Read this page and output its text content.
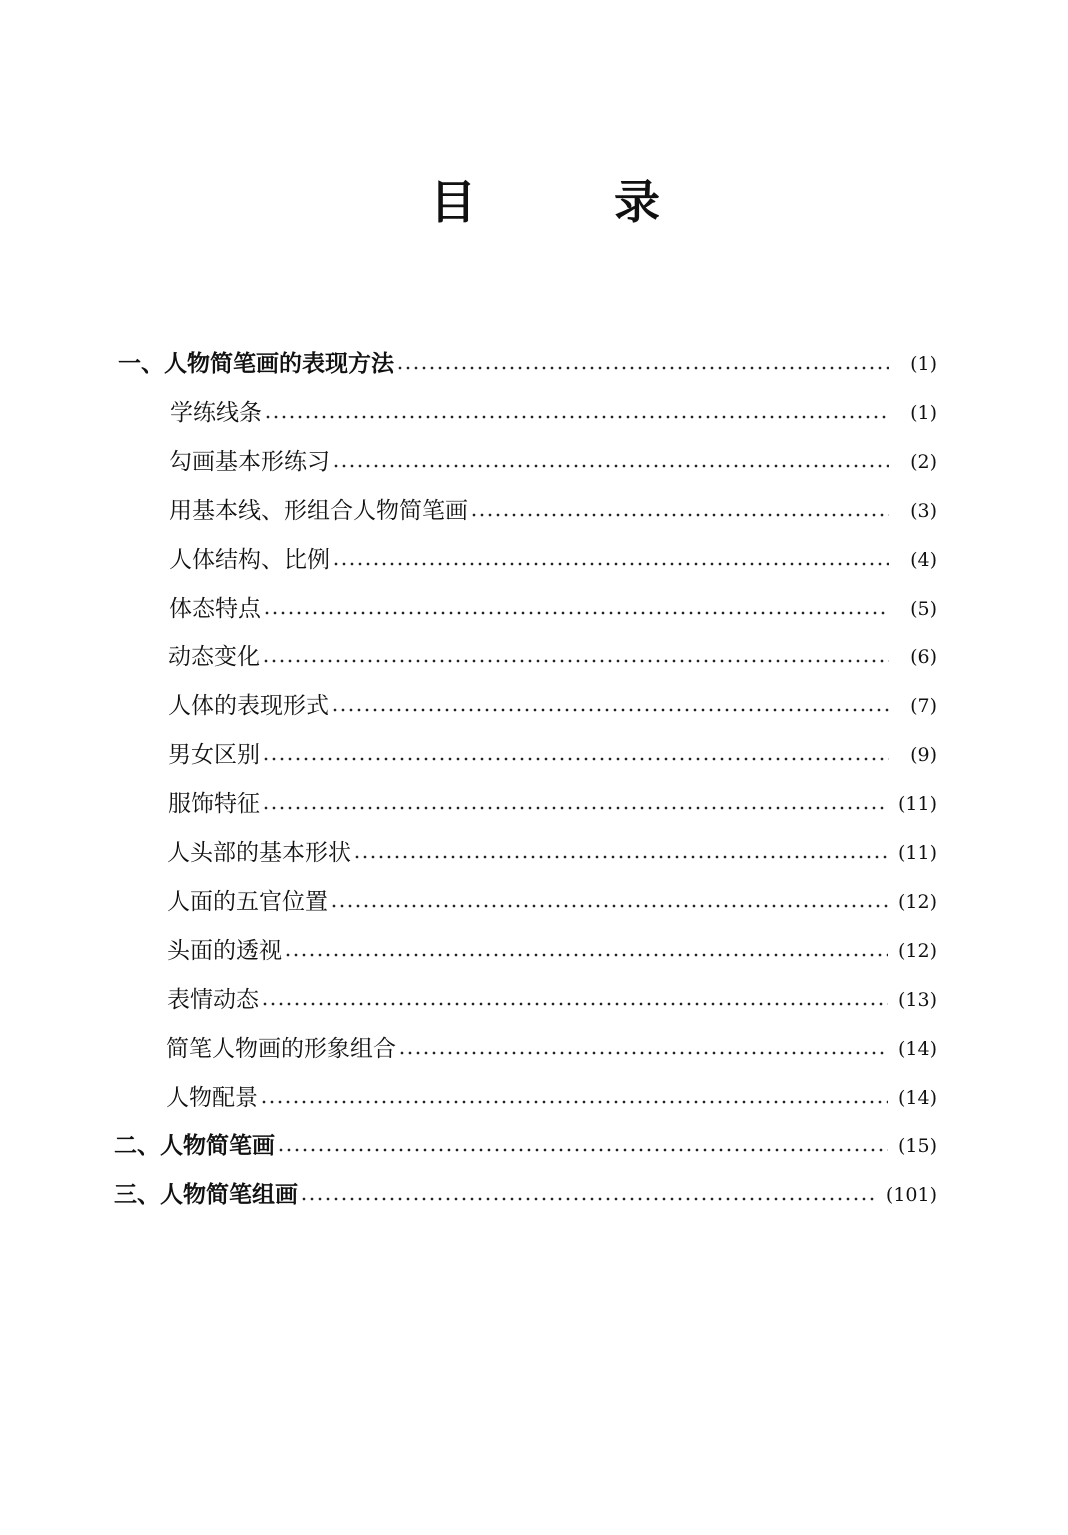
目	录
一、人物简笔画的表现方法	(1)
学练线条	(1)
勾画基本形练习	(2)
用基本线、形组合人物简笔画	(3)
人体结构、比例	(4)
体态特点	(5)
动态变化	(6)
人体的表现形式	(7)
男女区别	(9)
服饰特征	(11)
人头部的基本形状	(11)
人面的五官位置	(12)
头面的透视	(12)
表情动态	(13)
简笔人物画的形象组合	(14)
人物配景	(14)
二、人物简笔画	(15)
三、人物简笔组画	(101)
